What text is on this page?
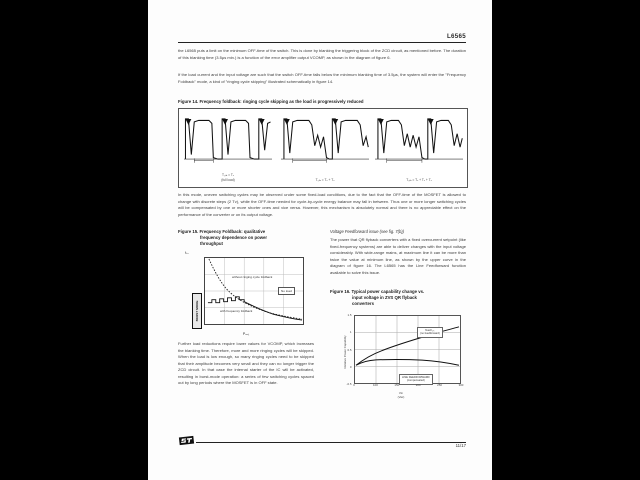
L6565
the L6565 puts a limit on the minimum OFF-time of the switch. This is done by blanking the triggering block of the ZCD circuit, as mentioned before. The duration of this blanking time (3.5µs min.) is a function of the error amplifier output VCOMP, as shown in the diagram of figure 6.
If the load current and the input voltage are such that the switch OFF-time falls below the minimum blanking time of 3.5µs, the system will enter the "Frequency Foldback" mode, a kind of "ringing cycle skipping" illustrated schematically in figure 14.
Figure 14. Frequency foldback: ringing cycle skipping as the load is progressively reduced
T₀ᵢₕ = Tᵥ
(full load)	T₀ᵢₕ = Tᵥ + Tᵥ	T₀ᵢₕ = Tᵥ + Tᵥ + Tᵥ
In this mode, uneven switching cycles may be observed under some fixed-load conditions, due to the fact that the OFF-time of the MOSFET is allowed to change with discrete steps (2 Tv), while the OFF-time needed for cycle-by-cycle energy balance may fall in between. Thus one or more longer switching cycles will be compensated by one or more shorter ones and vice versa. However, this mechanism is absolutely normal and there is no appreciable effect on the performance of the converter or on its output voltage.
Figure 15. Frequency Foldback: qualitative
frequency dependence on power
throughput
fₛᵥ
BURST MODE
without ringing cycle foldback
with frequency foldback
No load
Pₒᵤₜ
Further load reductions require lower values for VCOMP, which increases the blanking time. Therefore, more and more ringing cycles will be skipped. When the load is low enough, so many ringing cycles need to be skipped that their amplitude becomes very small and they can no longer trigger the ZCD circuit. In that case the internal starter of the IC will be activated, resulting in burst-mode operation: a series of few switching cycles spaced out by long periods where the MOSFET is in OFF state.
Voltage Feedforward issue (see fig. 7(b))
The power that QR flyback converters with a fixed overcurrent setpoint (like fixed-frequency systems) are able to deliver changes with the input voltage considerably. With wide-range mains, at maximum line it can be more than twice the value at minimum line, as shown by the upper curve in the diagram of figure 16. The L6565 has the Line Feedforward function available to solve this issue.
Figure 16. Typical power capability change vs.
input voltage in ZVS QR flyback
converters
Relative Power Capability
1.5
1
0.5
0
-0.5
fixed Iₚₖ
(no feedforward)
LINE FEEDFORWARD
(compensated)
0	100	150	200	250	300
Vin
(Vac)
11/17
